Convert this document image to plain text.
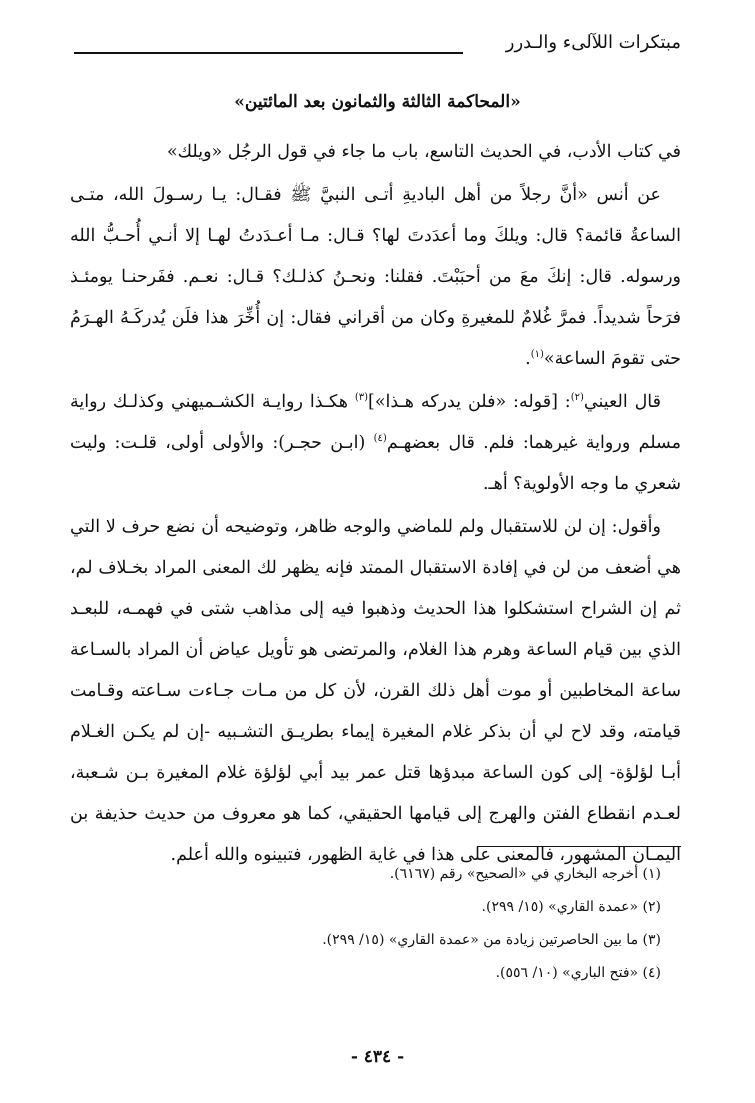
مبتكرات اللآلىء والـدرر
«المحاكمة الثالثة والثمانون بعد المائتين»

في كتاب الأدب، في الحديث التاسع، باب ما جاء في قول الرجُل «ويلك»

عن أنس «أنَّ رجلاً من أهل الباديةِ أتـى النبيَّ ﷺ فقـال: يـا رسـولَ الله، متـى الساعةُ قائمة؟ قال: ويلكَ وما أعدَدتَ لها؟ قـال: مـا أعـدَدتُ لهـا إلا أنـي أُحـبُّ الله ورسوله. قال: إنكَ معَ من أحبَبْتَ. فقلنا: ونحـنُ كذلـك؟ قـال: نعـم. ففَرحنـا يومئـذ فرَحاً شديداً. فمرَّ غُلامٌ للمغيرةِ وكان من أقراني فقال: إن أُخِّرَ هذا فلَن يُدركَـهُ الهـرَمُ حتى تقومَ الساعة»$^{(١)}$.

قال العيني$^{(٢)}$: [قوله: «فلن يدركه هـذا»]$^{(٣)}$ هكـذا روايـة الكشـميهني وكذلـك رواية مسلم ورواية غيرهما: فلم. قال بعضهـم$^{(٤)}$ (ابـن حجـر): والأولى أولى، قلـت: وليت شعري ما وجه الأولوية؟ أهـ.

وأقول: إن لن للاستقبال ولم للماضي والوجه ظاهر، وتوضيحه أن نضع حرف لا التي هي أضعف من لن في إفادة الاستقبال الممتد فإنه يظهر لك المعنى المراد بخـلاف لم، ثم إن الشراح استشكلوا هذا الحديث وذهبوا فيه إلى مذاهب شتى في فهمـه، للبعـد الذي بين قيام الساعة وهرم هذا الغلام، والمرتضى هو تأويل عياض أن المراد بالسـاعة ساعة المخاطبين أو موت أهل ذلك القرن، لأن كل من مـات جـاءت سـاعته وقـامت قيامته، وقد لاح لي أن بذكر غلام المغيرة إيماء بطريـق التشـبيه -إن لم يكـن الغـلام أبـا لؤلؤة- إلى كون الساعة مبدؤها قتل عمر بيد أبي لؤلؤة غلام المغيرة بـن شـعبة، لعـدم انقطاع الفتن والهرج إلى قيامها الحقيقي، كما هو معروف من حديث حذيفة بن اليمـان المشهور، فالمعنى على هذا في غاية الظهور، فتبينوه والله أعلم.

(١) أخرجه البخاري في «الصحيح» رقم (٦١٦٧).
(٢) «عمدة القاري» (١٥/ ٢٩٩).
(٣) ما بين الحاصرتين زيادة من «عمدة القاري» (١٥/ ٢٩٩).
(٤) «فتح الباري» (١٠/ ٥٥٦).
- ٤٣٤ -
